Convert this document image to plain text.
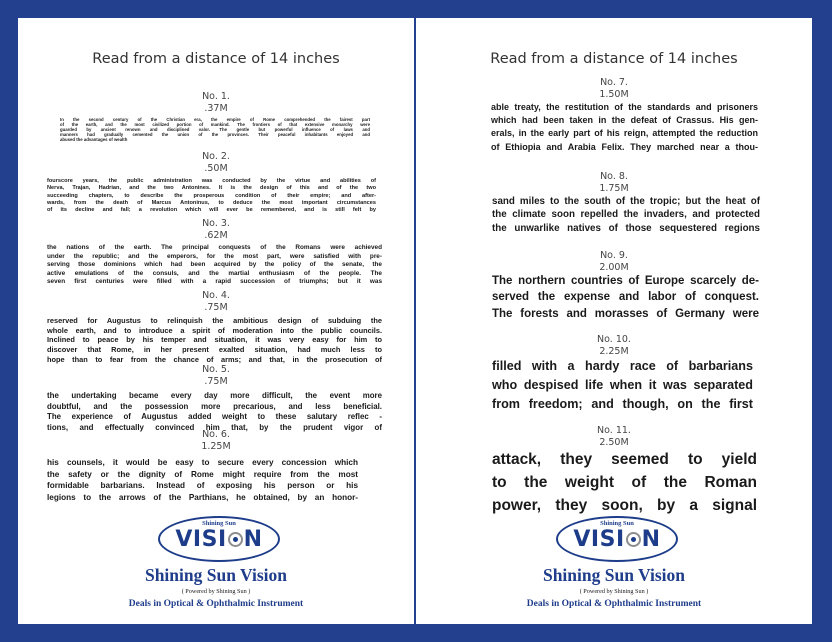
Read from a distance of 14 inches
No. 1.
.37M
In the second century of the Christian era, the empire of Rome comprehended the fairest part
of the earth, and the most civilized portion of mankind. The frontiers of that extensive monarchy were
guarded by ancient renown and disciplined valor. The gentle but powerful influence of laws and
manners had gradually cemented the union of the provinces. Their peaceful inhabitants enjoyed and
abused the advantages of wealth
No. 2.
.50M
fourscore years, the public administration was conducted by the virtue and abilities of
Nerva, Trajan, Hadrian, and the two Antonines. It is the design of this and of the two
succeeding chapters, to describe the prosperous condition of their empire; and after-
wards, from the death of Marcus Antoninus, to deduce the most important circumstances
of its decline and fall; a revolution which will ever be remembered, and is still felt by
No. 3.
.62M
the nations of the earth. The principal conquests of the Romans were achieved
under the republic; and the emperors, for the most part, were satisfied with pre-
serving those dominions which had been acquired by the policy of the senate, the
active emulations of the consuls, and the martial enthusiasm of the people. The
seven first centuries were filled with a rapid succession of triumphs; but it was
No. 4.
.75M
reserved for Augustus to relinquish the ambitious design of subduing the
whole earth, and to introduce a spirit of moderation into the public councils.
Inclined to peace by his temper and situation, it was very easy for him to
discover that Rome, in her present exalted situation, had much less to
hope than to fear from the chance of arms; and that, in the prosecution of
No. 5.
.75M
the undertaking became every day more difficult, the event more
doubtful, and the possession more precarious, and less beneficial.
The experience of Augustus added weight to these salutary reflec -
tions, and effectually convinced him that, by the prudent vigor of
No. 6.
1.25M
his counsels, it would be easy to secure every concession which
the safety or the dignity of Rome might require from the most
formidable barbarians. Instead of exposing his person or his
legions to the arrows of the Parthians, he obtained, by an honor-
Shining Sun
VISI N
Shining Sun Vision
( Powered by Shining Sun )
Deals in Optical & Ophthalmic Instrument
Read from a distance of 14 inches
No. 7.
1.50M
able treaty, the restitution of the standards and prisoners
which had been taken in the defeat of Crassus. His gen-
erals, in the early part of his reign, attempted the reduction
of Ethiopia and Arabia Felix. They marched near a thou-
No. 8.
1.75M
sand miles to the south of the tropic; but the heat of
the climate soon repelled the invaders, and protected
the unwarlike natives of those sequestered regions
No. 9.
2.00M
The northern countries of Europe scarcely de-
served the expense and labor of conquest.
The forests and morasses of Germany were
No. 10.
2.25M
filled with a hardy race of barbarians
who despised life when it was separated
from freedom; and though, on the first
No. 11.
2.50M
attack, they seemed to yield
to the weight of the Roman
power, they soon, by a signal
Shining Sun
VISI N
Shining Sun Vision
( Powered by Shining Sun )
Deals in Optical & Ophthalmic Instrument
